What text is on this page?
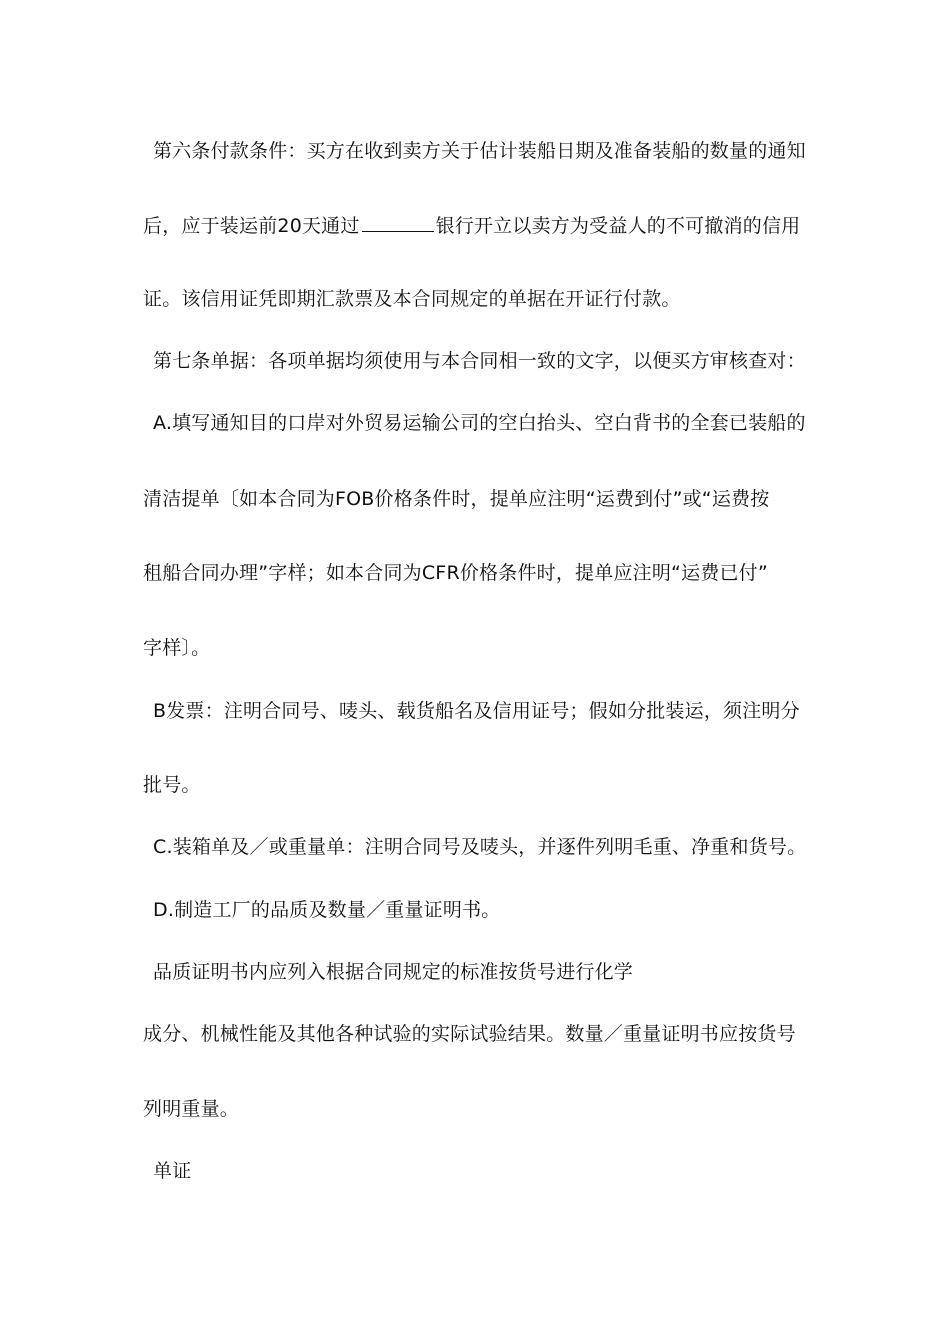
第六条付款条件：买方在收到卖方关于估计装船日期及准备装船的数量的通知
后，应于装运前20天通过	银行开立以卖方为受益人的不可撤消的信用
证。该信用证凭即期汇款票及本合同规定的单据在开证行付款。
第七条单据：各项单据均须使用与本合同相一致的文字，以便买方审核查对：
A.填写通知目的口岸对外贸易运输公司的空白抬头、空白背书的全套已装船的
清洁提单〔如本合同为FOB价格条件时，提单应注明“运费到付”或“运费按
租船合同办理”字样；如本合同为CFR价格条件时，提单应注明“运费已付”
字样〕。
B发票：注明合同号、唛头、载货船名及信用证号；假如分批装运，须注明分
批号。
C.装箱单及／或重量单：注明合同号及唛头，并逐件列明毛重、净重和货号。
D.制造工厂的品质及数量／重量证明书。
品质证明书内应列入根据合同规定的标准按货号进行化学
成分、机械性能及其他各种试验的实际试验结果。数量／重量证明书应按货号
列明重量。
单证
